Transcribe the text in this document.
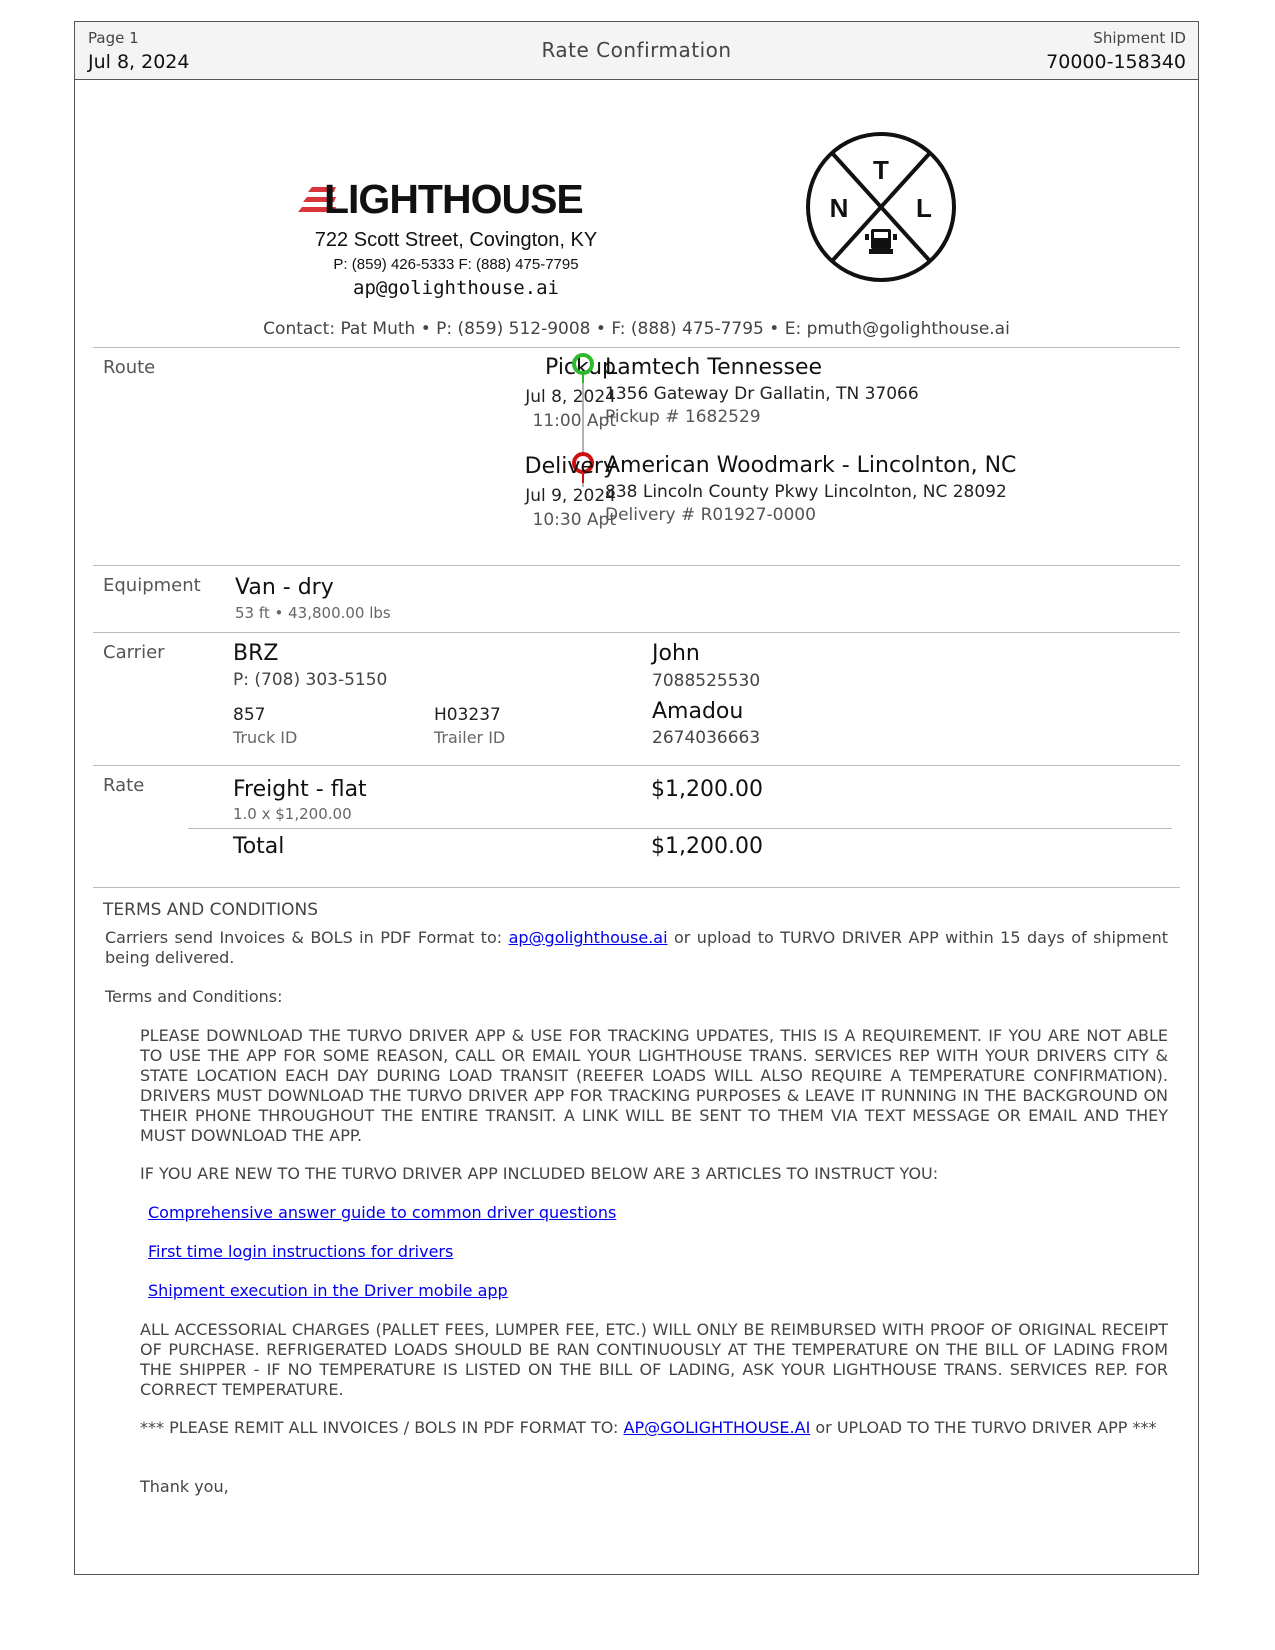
Page 1
Jul 8, 2024	Rate Confirmation	Shipment ID
70000-158340
LIGHTHOUSE
722 Scott Street, Covington, KY
P: (859) 426-5333 F: (888) 475-7795
ap@golighthouse.ai
T
N	L
Contact: Pat Muth • P: (859) 512-9008 • F: (888) 475-7795 • E: pmuth@golighthouse.ai
Route	Pickup
Jul 8, 2024
11:00 Apt
Lamtech Tennessee
1356 Gateway Dr Gallatin, TN 37066
Pickup # 1682529
Delivery
Jul 9, 2024
10:30 Apt
American Woodmark - Lincolnton, NC
838 Lincoln County Pkwy Lincolnton, NC 28092
Delivery # R01927-0000
Equipment Van - dry
53 ft • 43,800.00 lbs
Carrier	BRZ
P: (708) 303-5150
857
Truck ID
H03237
Trailer ID
John
7088525530
Amadou
2674036663
Rate	Freight - flat
1.0 x $1,200.00
$1,200.00
Total	$1,200.00
TERMS AND CONDITIONS
Carriers send Invoices & BOLS in PDF Format to: ap@golighthouse.ai or upload to TURVO DRIVER APP within 15 days of shipment being delivered.
Terms and Conditions:
PLEASE DOWNLOAD THE TURVO DRIVER APP & USE FOR TRACKING UPDATES, THIS IS A REQUIREMENT. IF YOU ARE NOT ABLE TO USE THE APP FOR SOME REASON, CALL OR EMAIL YOUR LIGHTHOUSE TRANS. SERVICES REP WITH YOUR DRIVERS CITY & STATE LOCATION EACH DAY DURING LOAD TRANSIT (REEFER LOADS WILL ALSO REQUIRE A TEMPERATURE CONFIRMATION). DRIVERS MUST DOWNLOAD THE TURVO DRIVER APP FOR TRACKING PURPOSES & LEAVE IT RUNNING IN THE BACKGROUND ON THEIR PHONE THROUGHOUT THE ENTIRE TRANSIT. A LINK WILL BE SENT TO THEM VIA TEXT MESSAGE OR EMAIL AND THEY MUST DOWNLOAD THE APP.
IF YOU ARE NEW TO THE TURVO DRIVER APP INCLUDED BELOW ARE 3 ARTICLES TO INSTRUCT YOU:
Comprehensive answer guide to common driver questions
First time login instructions for drivers
Shipment execution in the Driver mobile app
ALL ACCESSORIAL CHARGES (PALLET FEES, LUMPER FEE, ETC.) WILL ONLY BE REIMBURSED WITH PROOF OF ORIGINAL RECEIPT OF PURCHASE. REFRIGERATED LOADS SHOULD BE RAN CONTINUOUSLY AT THE TEMPERATURE ON THE BILL OF LADING FROM THE SHIPPER - IF NO TEMPERATURE IS LISTED ON THE BILL OF LADING, ASK YOUR LIGHTHOUSE TRANS. SERVICES REP. FOR CORRECT TEMPERATURE.
*** PLEASE REMIT ALL INVOICES / BOLS IN PDF FORMAT TO: AP@GOLIGHTHOUSE.AI or UPLOAD TO THE TURVO DRIVER APP ***
Thank you,
